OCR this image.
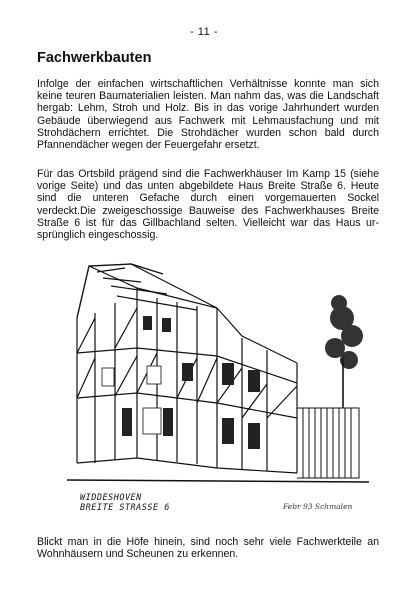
- 11 -
Fachwerkbauten

Infolge der einfachen wirtschaftlichen Verhältnisse konnte man sich keine teuren Baumaterialien leisten. Man nahm das, was die Landschaft hergab: Lehm, Stroh und Holz. Bis in das vorige Jahrhundert wurden Gebäude überwiegend aus Fachwerk mit Lehmausfachung und mit Strohdächern errichtet. Die Strohdächer wurden schon bald durch Pfannendächer wegen der Feuergefahr ersetzt.

Für das Ortsbild prägend sind die Fachwerkhäuser Im Kamp 15 (siehe vorige Seite) und das unten abgebildete Haus Breite Straße 6. Heute sind die unteren Gefache durch einen vorgemauerten Sockel verdeckt.Die zweigeschossige Bauweise des Fachwerkhauses Breite Straße 6 ist für das Gillbachland selten. Vielleicht war das Haus ursprünglich eingeschossig.

WIDDESHOVEN
BREITE STRASSE 6	Febr 93 Schmalen

Blickt man in die Höfe hinein, sind noch sehr viele Fachwerkteile an Wohnhäusern und Scheunen zu erkennen.
